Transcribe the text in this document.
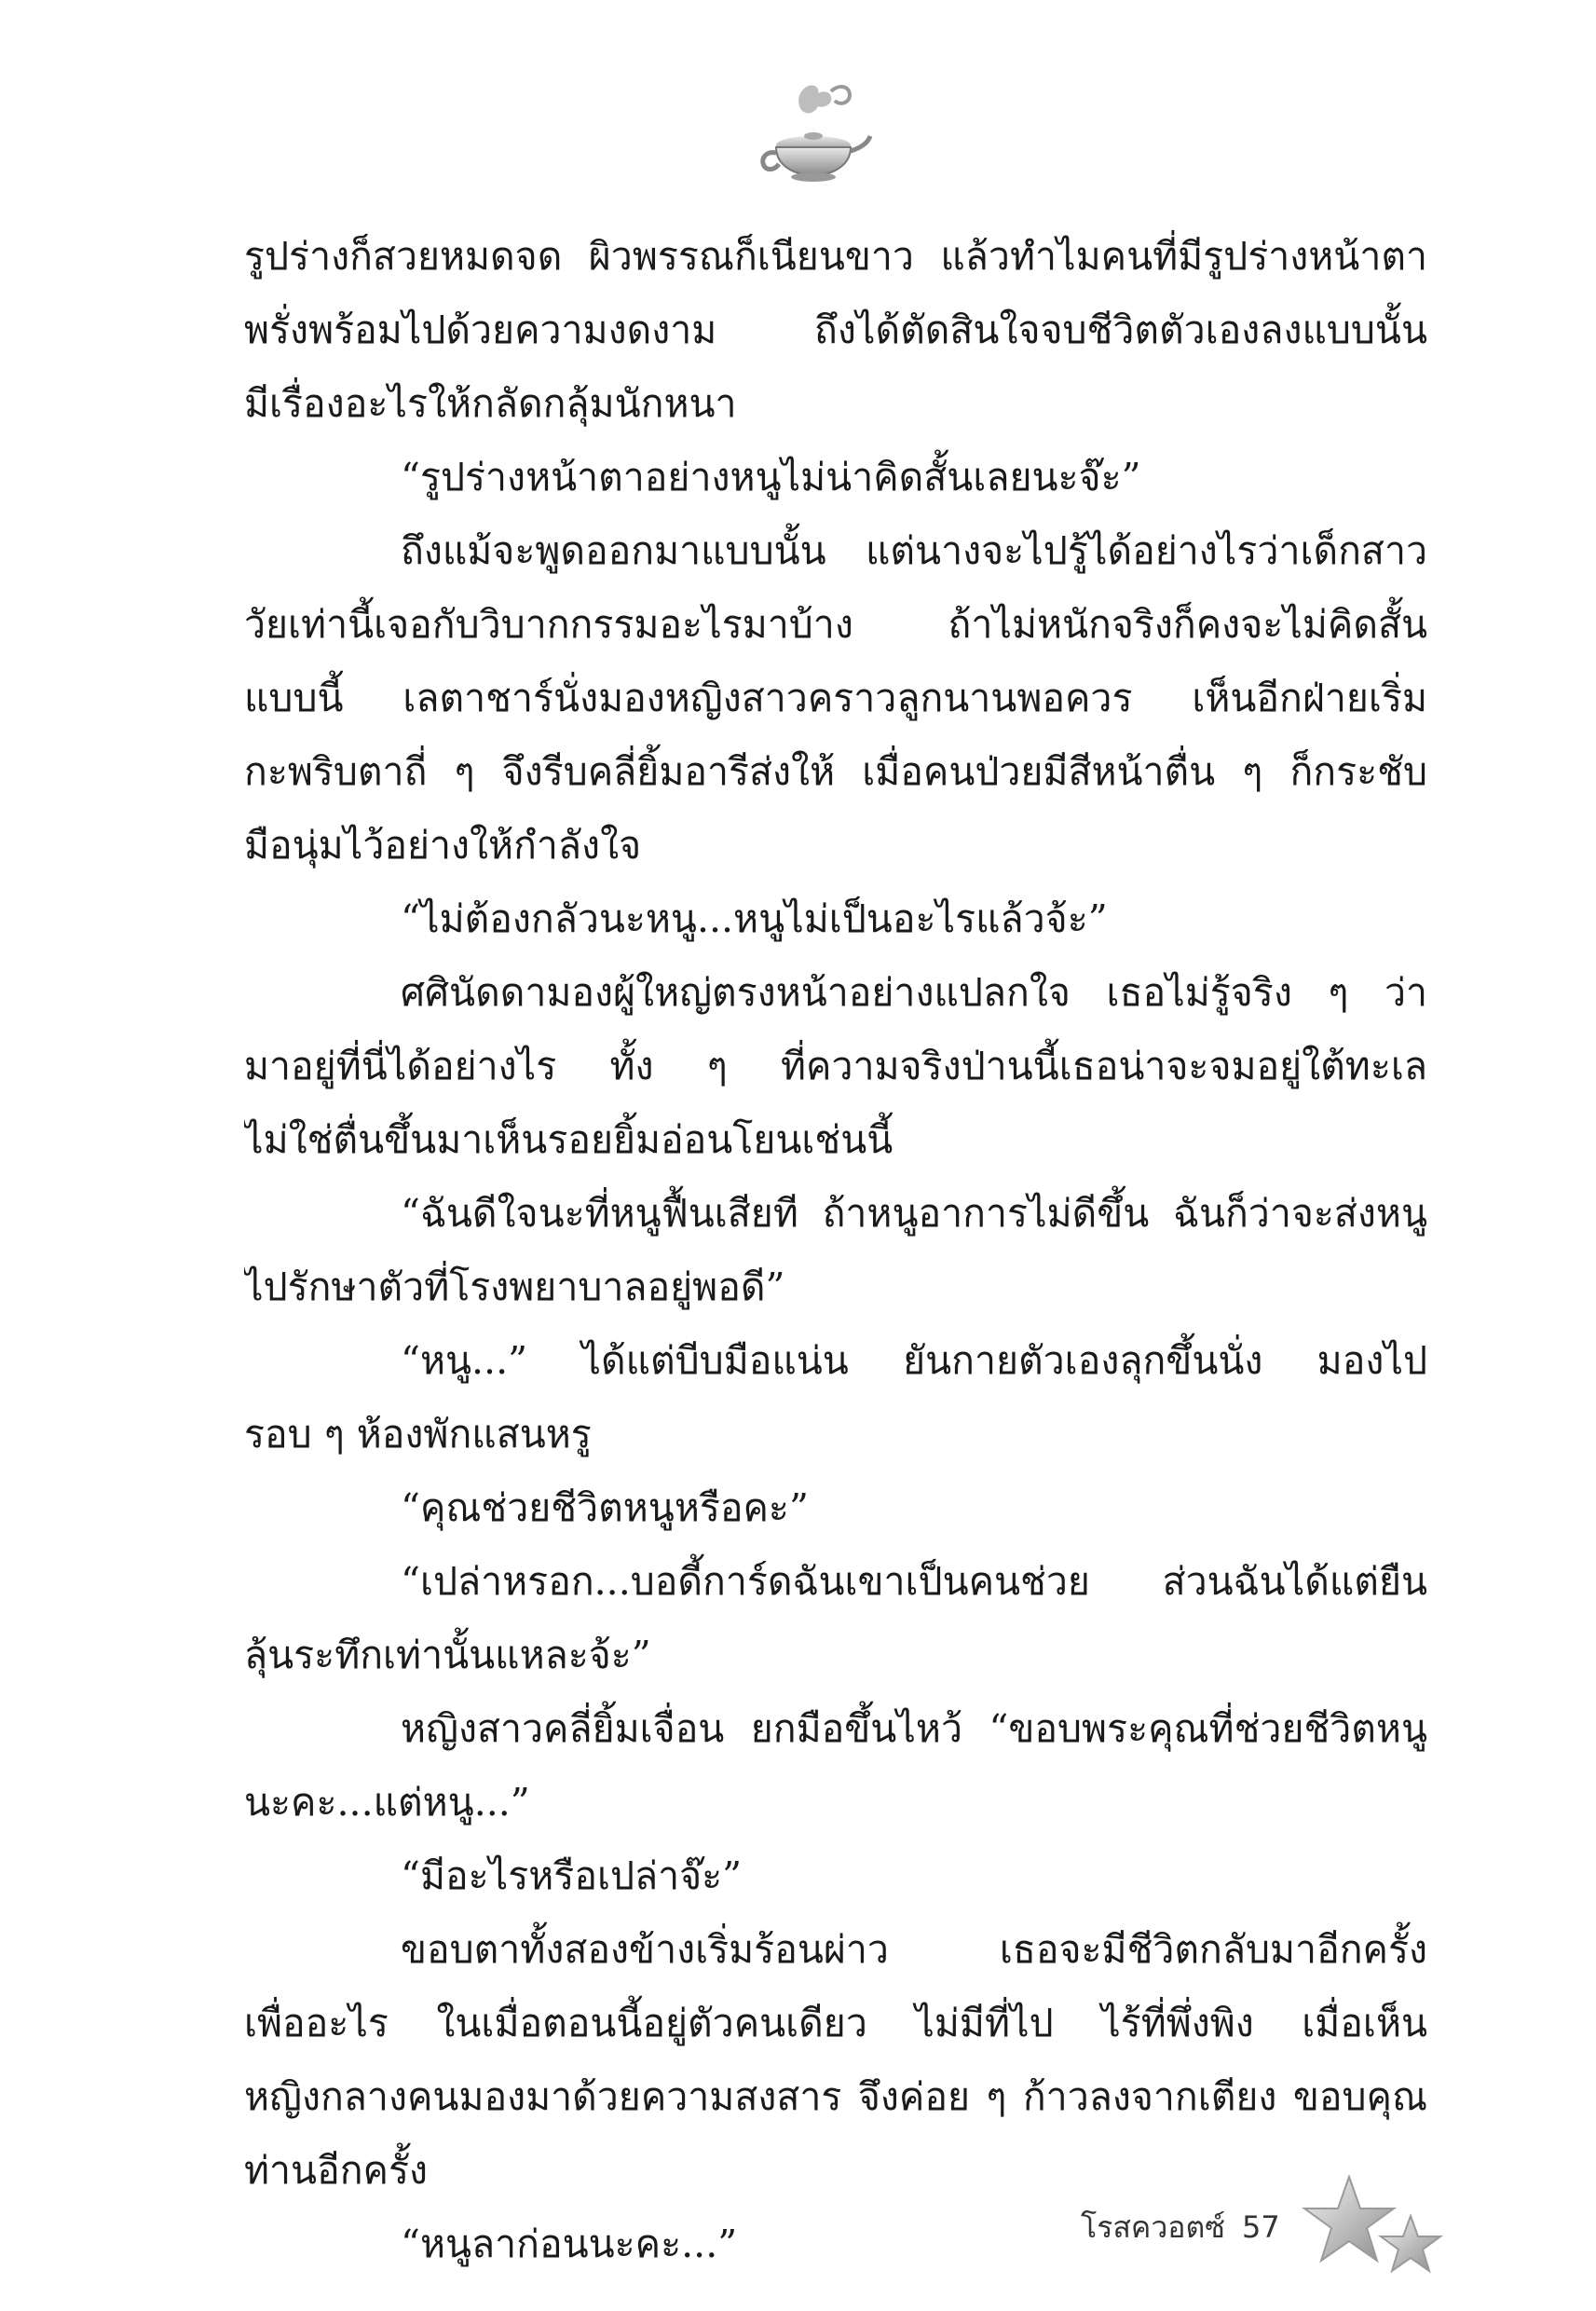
รูปร่างก็สวยหมดจด ผิวพรรณก็เนียนขาว แล้วทำไมคนที่มีรูปร่างหน้าตา
พรั่งพร้อมไปด้วยความงดงาม ถึงได้ตัดสินใจจบชีวิตตัวเองลงแบบนั้น
มีเรื่องอะไรให้กลัดกลุ้มนักหนา
“รูปร่างหน้าตาอย่างหนูไม่น่าคิดสั้นเลยนะจ๊ะ”
ถึงแม้จะพูดออกมาแบบนั้น แต่นางจะไปรู้ได้อย่างไรว่าเด็กสาว
วัยเท่านี้เจอกับวิบากกรรมอะไรมาบ้าง ถ้าไม่หนักจริงก็คงจะไม่คิดสั้น
แบบนี้ เลตาชาร์นั่งมองหญิงสาวคราวลูกนานพอควร เห็นอีกฝ่ายเริ่ม
กะพริบตาถี่ ๆ จึงรีบคลี่ยิ้มอารีส่งให้ เมื่อคนป่วยมีสีหน้าตื่น ๆ ก็กระชับ
มือนุ่มไว้อย่างให้กำลังใจ
“ไม่ต้องกลัวนะหนู...หนูไม่เป็นอะไรแล้วจ้ะ”
ศศินัดดามองผู้ใหญ่ตรงหน้าอย่างแปลกใจ เธอไม่รู้จริง ๆ ว่า
มาอยู่ที่นี่ได้อย่างไร ทั้ง ๆ ที่ความจริงป่านนี้เธอน่าจะจมอยู่ใต้ทะเล
ไม่ใช่ตื่นขึ้นมาเห็นรอยยิ้มอ่อนโยนเช่นนี้
“ฉันดีใจนะที่หนูฟื้นเสียที ถ้าหนูอาการไม่ดีขึ้น ฉันก็ว่าจะส่งหนู
ไปรักษาตัวที่โรงพยาบาลอยู่พอดี”
“หนู...” ได้แต่บีบมือแน่น ยันกายตัวเองลุกขึ้นนั่ง มองไป
รอบ ๆ ห้องพักแสนหรู
“คุณช่วยชีวิตหนูหรือคะ”
“เปล่าหรอก...บอดี้การ์ดฉันเขาเป็นคนช่วย ส่วนฉันได้แต่ยืน
ลุ้นระทึกเท่านั้นแหละจ้ะ”
หญิงสาวคลี่ยิ้มเจื่อน ยกมือขึ้นไหว้ “ขอบพระคุณที่ช่วยชีวิตหนู
นะคะ...แต่หนู...”
“มีอะไรหรือเปล่าจ๊ะ”
ขอบตาทั้งสองข้างเริ่มร้อนผ่าว เธอจะมีชีวิตกลับมาอีกครั้ง
เพื่ออะไร ในเมื่อตอนนี้อยู่ตัวคนเดียว ไม่มีที่ไป ไร้ที่พึ่งพิง เมื่อเห็น
หญิงกลางคนมองมาด้วยความสงสาร จึงค่อย ๆ ก้าวลงจากเตียง ขอบคุณ
ท่านอีกครั้ง
“หนูลาก่อนนะคะ...”	โรสควอตซ์ 57
